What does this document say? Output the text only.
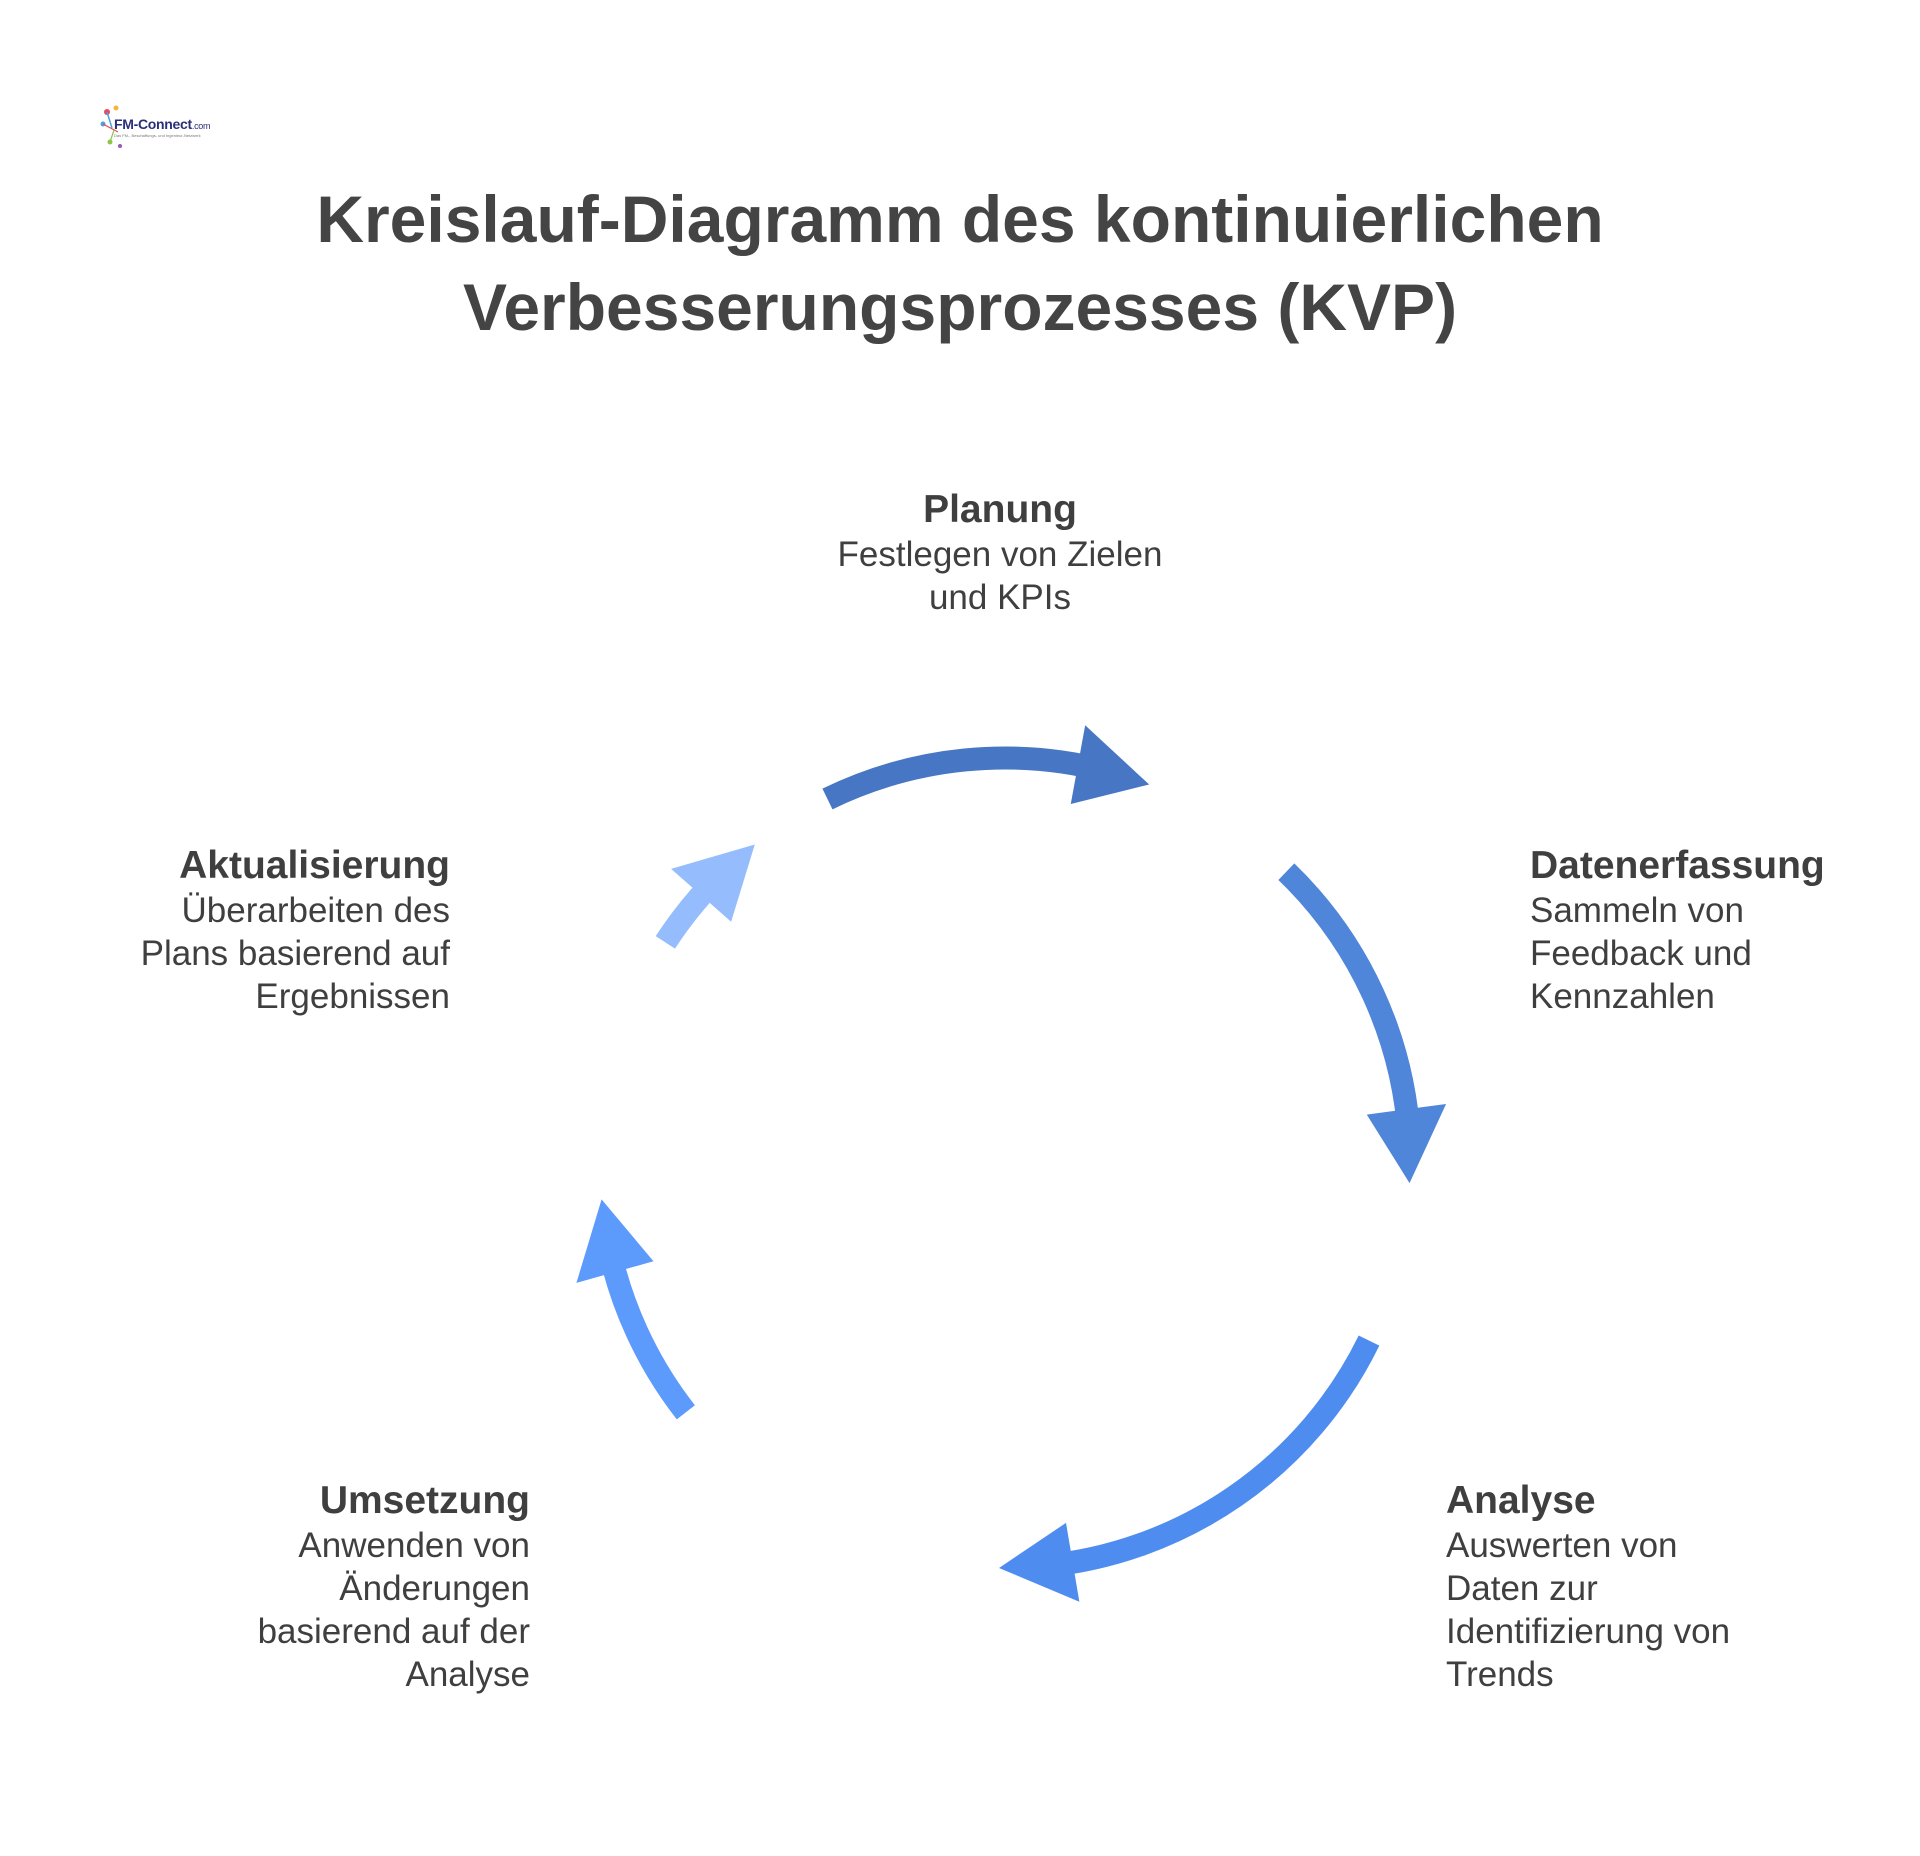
FM-Connect.com
Das FM-, Beschaffungs- und Ingenieur-Netzwerk
Kreislauf-Diagramm des kontinuierlichen
Verbesserungsprozesses (KVP)
Planung
Festlegen von Zielen
und KPIs
Datenerfassung
Sammeln von
Feedback und
Kennzahlen
Analyse
Auswerten von
Daten zur
Identifizierung von
Trends
Umsetzung
Anwenden von
Änderungen
basierend auf der
Analyse
Aktualisierung
Überarbeiten des
Plans basierend auf
Ergebnissen
